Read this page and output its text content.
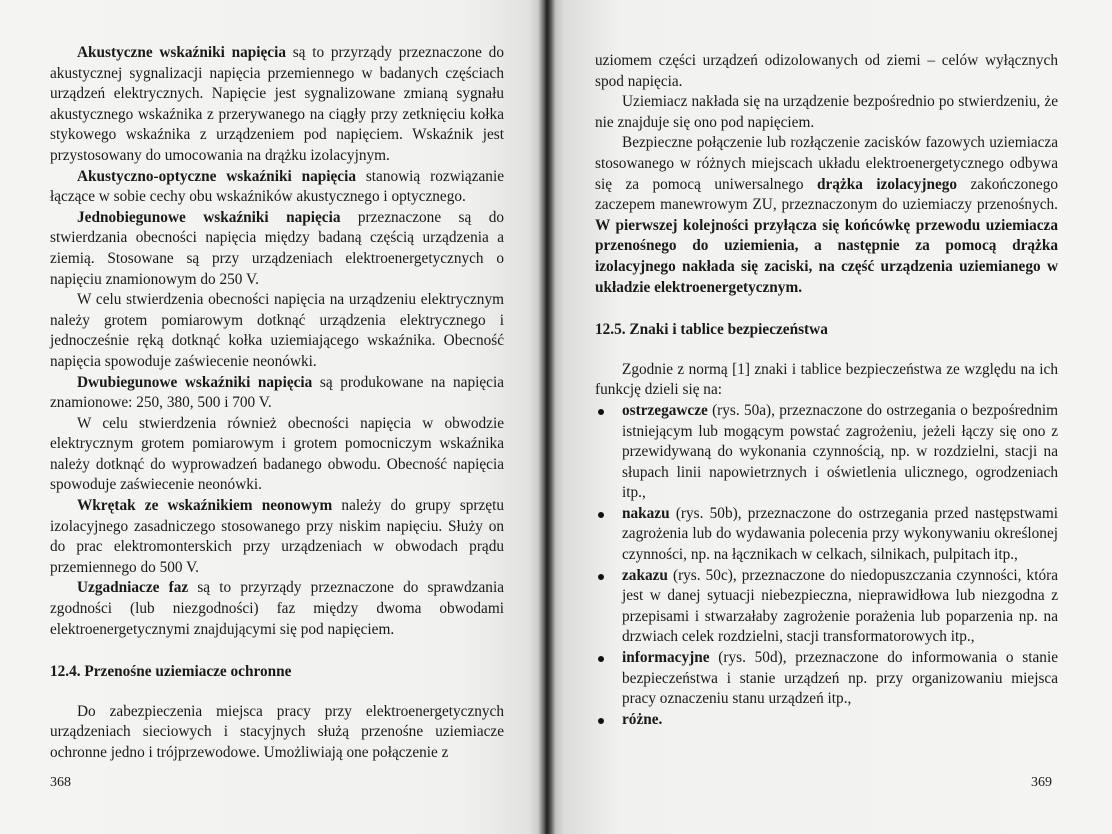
Akustyczne wskaźniki napięcia są to przyrządy przeznaczone do akustycznej sygnalizacji napięcia przemiennego w badanych częściach urządzeń elektrycznych. Napięcie jest sygnalizowane zmianą sygnału akustycznego wskaźnika z przerywanego na ciągły przy zetknięciu kołka stykowego wskaźnika z urządzeniem pod napięciem. Wskaźnik jest przystosowany do umocowania na drążku izolacyjnym.

Akustyczno-optyczne wskaźniki napięcia stanowią rozwiązanie łączące w sobie cechy obu wskaźników akustycznego i optycznego.

Jednobiegunowe wskaźniki napięcia przeznaczone są do stwierdzania obecności napięcia między badaną częścią urządzenia a ziemią. Stosowane są przy urządzeniach elektroenergetycznych o napięciu znamionowym do 250 V.

W celu stwierdzenia obecności napięcia na urządzeniu elektrycznym należy grotem pomiarowym dotknąć urządzenia elektrycznego i jednocześnie ręką dotknąć kołka uziemiającego wskaźnika. Obecność napięcia spowoduje zaświecenie neonówki.

Dwubiegunowe wskaźniki napięcia są produkowane na napięcia znamionowe: 250, 380, 500 i 700 V.

W celu stwierdzenia również obecności napięcia w obwodzie elektrycznym grotem pomiarowym i grotem pomocniczym wskaźnika należy dotknąć do wyprowadzeń badanego obwodu. Obecność napięcia spowoduje zaświecenie neonówki.

Wkrętak ze wskaźnikiem neonowym należy do grupy sprzętu izolacyjnego zasadniczego stosowanego przy niskim napięciu. Służy on do prac elektromonterskich przy urządzeniach w obwodach prądu przemiennego do 500 V.

Uzgadniacze faz są to przyrządy przeznaczone do sprawdzania zgodności (lub niezgodności) faz między dwoma obwodami elektroenergetycznymi znajdującymi się pod napięciem.

12.4. Przenośne uziemiacze ochronne

Do zabezpieczenia miejsca pracy przy elektroenergetycznych urządzeniach sieciowych i stacyjnych służą przenośne uziemiacze ochronne jedno i trójprzewodowe. Umożliwiają one połączenie z

368

uziomem części urządzeń odizolowanych od ziemi – celów wyłącznych spod napięcia.

Uziemiacz nakłada się na urządzenie bezpośrednio po stwierdzeniu, że nie znajduje się ono pod napięciem.

Bezpieczne połączenie lub rozłączenie zacisków fazowych uziemiacza stosowanego w różnych miejscach układu elektroenergetycznego odbywa się za pomocą uniwersalnego drążka izolacyjnego zakończonego zaczepem manewrowym ZU, przeznaczonym do uziemiaczy przenośnych. W pierwszej kolejności przyłącza się końcówkę przewodu uziemiacza przenośnego do uziemienia, a następnie za pomocą drążka izolacyjnego nakłada się zaciski, na część urządzenia uziemianego w układzie elektroenergetycznym.

12.5. Znaki i tablice bezpieczeństwa

Zgodnie z normą [1] znaki i tablice bezpieczeństwa ze względu na ich funkcję dzieli się na:

ostrzegawcze (rys. 50a), przeznaczone do ostrzegania o bezpośrednim istniejącym lub mogącym powstać zagrożeniu, jeżeli łączy się ono z przewidywaną do wykonania czynnością, np. w rozdzielni, stacji na słupach linii napowietrznych i oświetlenia ulicznego, ogrodzeniach itp.,
nakazu (rys. 50b), przeznaczone do ostrzegania przed następstwami zagrożenia lub do wydawania polecenia przy wykonywaniu określonej czynności, np. na łącznikach w celkach, silnikach, pulpitach itp.,
zakazu (rys. 50c), przeznaczone do niedopuszczania czynności, która jest w danej sytuacji niebezpieczna, nieprawidłowa lub niezgodna z przepisami i stwarzałaby zagrożenie porażenia lub poparzenia np. na drzwiach celek rozdzielni, stacji transformatorowych itp.,
informacyjne (rys. 50d), przeznaczone do informowania o stanie bezpieczeństwa i stanie urządzeń np. przy organizowaniu miejsca pracy oznaczeniu stanu urządzeń itp.,
różne.
369
